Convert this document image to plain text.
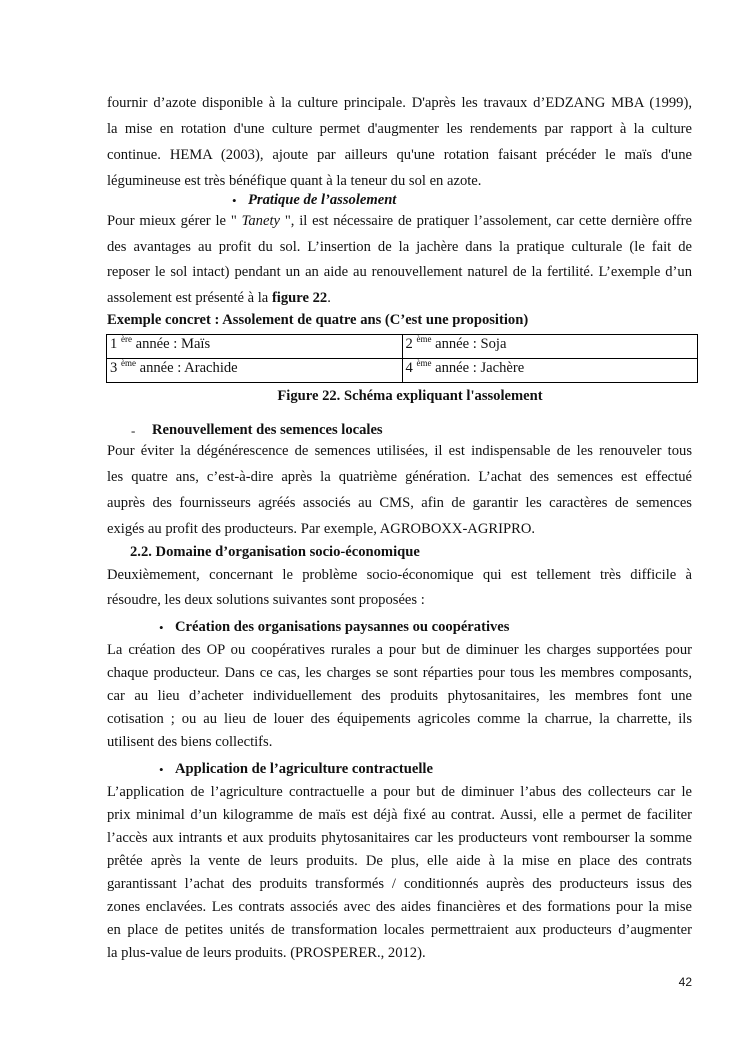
fournir d’azote disponible à la culture principale. D'après les travaux d’EDZANG MBA (1999),
la mise en rotation d'une culture permet d'augmenter les rendements par rapport à la culture
continue. HEMA (2003), ajoute par ailleurs qu'une rotation faisant précéder le maïs d'une
légumineuse est très bénéfique quant à la teneur du sol en azote.
• Pratique de l’assolement
Pour mieux gérer le " Tanety ", il est nécessaire de pratiquer l’assolement, car cette dernière offre
des avantages au profit du sol. L’insertion de la jachère dans la pratique culturale (le fait de
reposer le sol intact) pendant un an aide au renouvellement naturel de la fertilité. L’exemple d’un
assolement est présenté à la figure 22.
Exemple concret : Assolement de quatre ans (C’est une proposition)
1 $^{ère}$ année : Maïs	2 $^{ème}$ année : Soja
3 $^{ème}$ année : Arachide	4 $^{ème}$ année : Jachère
Figure 22. Schéma expliquant l'assolement
- Renouvellement des semences locales
Pour éviter la dégénérescence de semences utilisées, il est indispensable de les renouveler tous
les quatre ans, c’est-à-dire après la quatrième génération. L’achat des semences est effectué
auprès des fournisseurs agréés associés au CMS, afin de garantir les caractères de semences
exigés au profit des producteurs. Par exemple, AGROBOXX-AGRIPRO.
2.2. Domaine d’organisation socio-économique
Deuxièmement, concernant le problème socio-économique qui est tellement très difficile à
résoudre, les deux solutions suivantes sont proposées :
• Création des organisations paysannes ou coopératives
La création des OP ou coopératives rurales a pour but de diminuer les charges supportées pour
chaque producteur. Dans ce cas, les charges se sont réparties pour tous les membres composants,
car au lieu d’acheter individuellement des produits phytosanitaires, les membres font une
cotisation ; ou au lieu de louer des équipements agricoles comme la charrue, la charrette, ils
utilisent des biens collectifs.
• Application de l’agriculture contractuelle
L’application de l’agriculture contractuelle a pour but de diminuer l’abus des collecteurs car le
prix minimal d’un kilogramme de maïs est déjà fixé au contrat. Aussi, elle a permet de faciliter
l’accès aux intrants et aux produits phytosanitaires car les producteurs vont rembourser la somme
prêtée après la vente de leurs produits. De plus, elle aide à la mise en place des contrats
garantissant l’achat des produits transformés / conditionnés auprès des producteurs issus des
zones enclavées. Les contrats associés avec des aides financières et des formations pour la mise
en place de petites unités de transformation locales permettraient aux producteurs d’augmenter
la plus-value de leurs produits. (PROSPERER., 2012).
42
